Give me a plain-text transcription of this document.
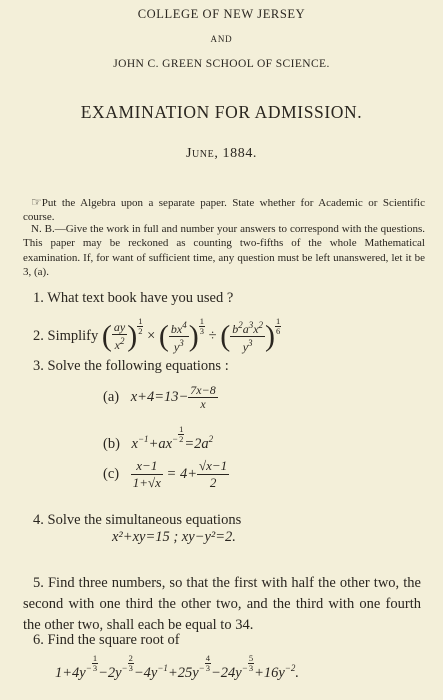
COLLEGE OF NEW JERSEY
AND
JOHN C. GREEN SCHOOL OF SCIENCE.
EXAMINATION FOR ADMISSION.
June, 1884.
☞Put the Algebra upon a separate paper. State whether for Academic or Scientific course.
N. B.—Give the work in full and number your answers to correspond with the questions. This paper may be reckoned as counting two-fifths of the whole Mathematical examination. If, for want of sufficient time, any question must be left unanswered, let it be 3, (a).
1. What text book have you used ?
2. Simplify ( $\frac{ay}{x^2}$ ) $\frac{1}{2}$ × ( $\frac{bx^4}{y^3}$ ) $\frac{1}{3}$ ÷ ( $\frac{b^2a^3x^2}{y^3}$ ) $\frac{1}{6}$
3. Solve the following equations :
(a) $x+4=13- \frac{7x-8}{x}$
(b) $x^{-1}+ax^- \frac{1}{2} =2a^2$
$(c) \frac{x-1}{1+√x} = 4+ \frac{√x-1}{2}$
4. Solve the simultaneous equations
x²+xy=15 ; xy−y²=2.
5. Find three numbers, so that the first with half the other two, the second with one third the other two, and the third with one fourth the other two, shall each be equal to 34.
6. Find the square root of
$1+4y^- \frac{1}{3} -2y^- \frac{2}{3} -4y^{-1}+25y^- \frac{4}{3} -24y^- \frac{5}{3} +16y^{-2}$.
